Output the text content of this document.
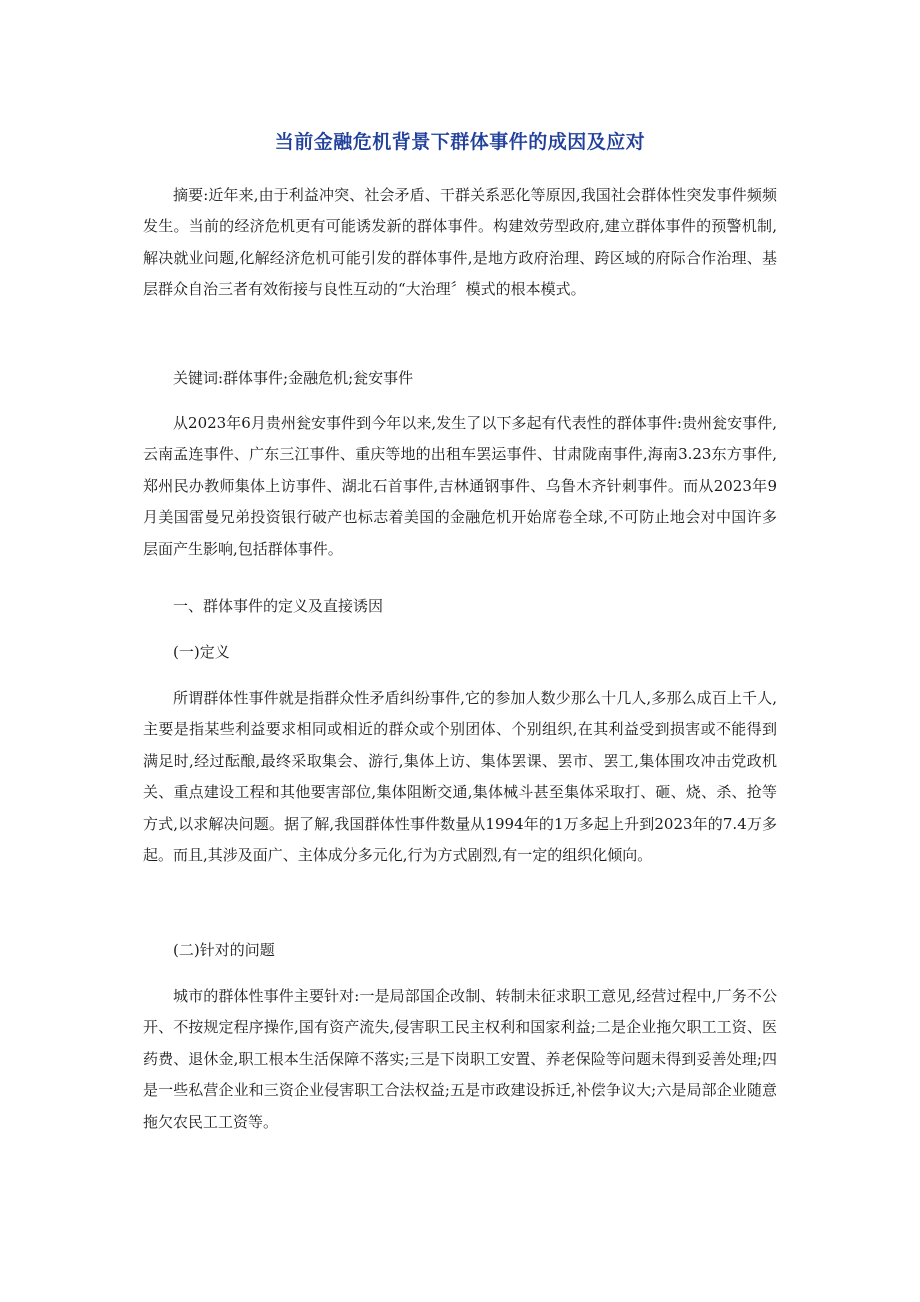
当前金融危机背景下群体事件的成因及应对

摘要:近年来,由于利益冲突、社会矛盾、干群关系恶化等原因,我国社会群体性突发事件频频发生。当前的经济危机更有可能诱发新的群体事件。构建效劳型政府,建立群体事件的预警机制,解决就业问题,化解经济危机可能引发的群体事件,是地方政府治理、跨区域的府际合作治理、基层群众自治三者有效衔接与良性互动的“大治理〞模式的根本模式。

关键词:群体事件;金融危机;瓮安事件

从2023年6月贵州瓮安事件到今年以来,发生了以下多起有代表性的群体事件:贵州瓮安事件,云南孟连事件、广东三江事件、重庆等地的出租车罢运事件、甘肃陇南事件,海南3.23东方事件,郑州民办教师集体上访事件、湖北石首事件,吉林通钢事件、乌鲁木齐针刺事件。而从2023年9月美国雷曼兄弟投资银行破产也标志着美国的金融危机开始席卷全球,不可防止地会对中国许多层面产生影响,包括群体事件。

一、群体事件的定义及直接诱因

(一)定义

所谓群体性事件就是指群众性矛盾纠纷事件,它的参加人数少那么十几人,多那么成百上千人,主要是指某些利益要求相同或相近的群众或个别团体、个别组织,在其利益受到损害或不能得到满足时,经过酝酿,最终采取集会、游行,集体上访、集体罢课、罢市、罢工,集体围攻冲击党政机关、重点建设工程和其他要害部位,集体阻断交通,集体械斗甚至集体采取打、砸、烧、杀、抢等方式,以求解决问题。据了解,我国群体性事件数量从1994年的1万多起上升到2023年的7.4万多起。而且,其涉及面广、主体成分多元化,行为方式剧烈,有一定的组织化倾向。

(二)针对的问题

城市的群体性事件主要针对:一是局部国企改制、转制未征求职工意见,经营过程中,厂务不公开、不按规定程序操作,国有资产流失,侵害职工民主权利和国家利益;二是企业拖欠职工工资、医药费、退休金,职工根本生活保障不落实;三是下岗职工安置、养老保险等问题未得到妥善处理;四是一些私营企业和三资企业侵害职工合法权益;五是市政建设拆迁,补偿争议大;六是局部企业随意拖欠农民工工资等。
